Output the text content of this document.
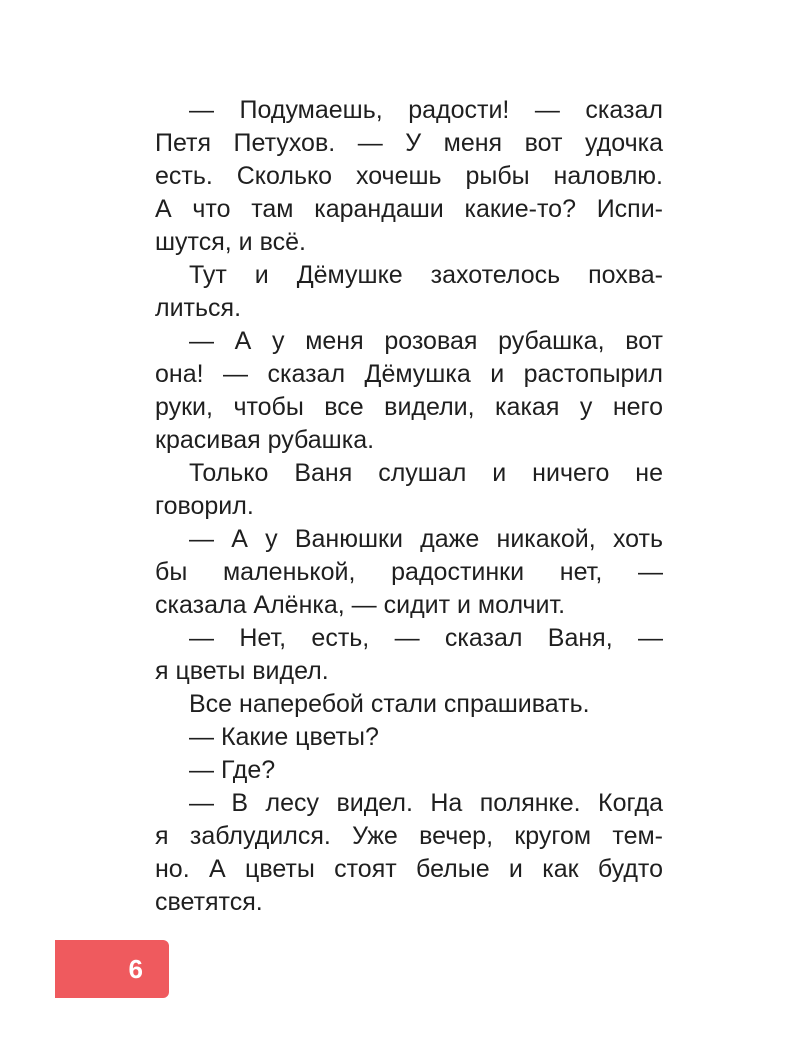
— Подумаешь, радости! — сказал
Петя Петухов. — У меня вот удочка
есть. Сколько хочешь рыбы наловлю.
А что там карандаши какие-то? Испи-
шутся, и всё.
Тут и Дёмушке захотелось похва-
литься.
— А у меня розовая рубашка, вот
она! — сказал Дёмушка и растопырил
руки, чтобы все видели, какая у него
красивая рубашка.
Только Ваня слушал и ничего не
говорил.
— А у Ванюшки даже никакой, хоть
бы маленькой, радостинки нет, —
сказала Алёнка, — сидит и молчит.
— Нет, есть, — сказал Ваня, —
я цветы видел.
Все наперебой стали спрашивать.
— Какие цветы?
— Где?
— В лесу видел. На полянке. Когда
я заблудился. Уже вечер, кругом тем-
но. А цветы стоят белые и как будто
светятся.
6
